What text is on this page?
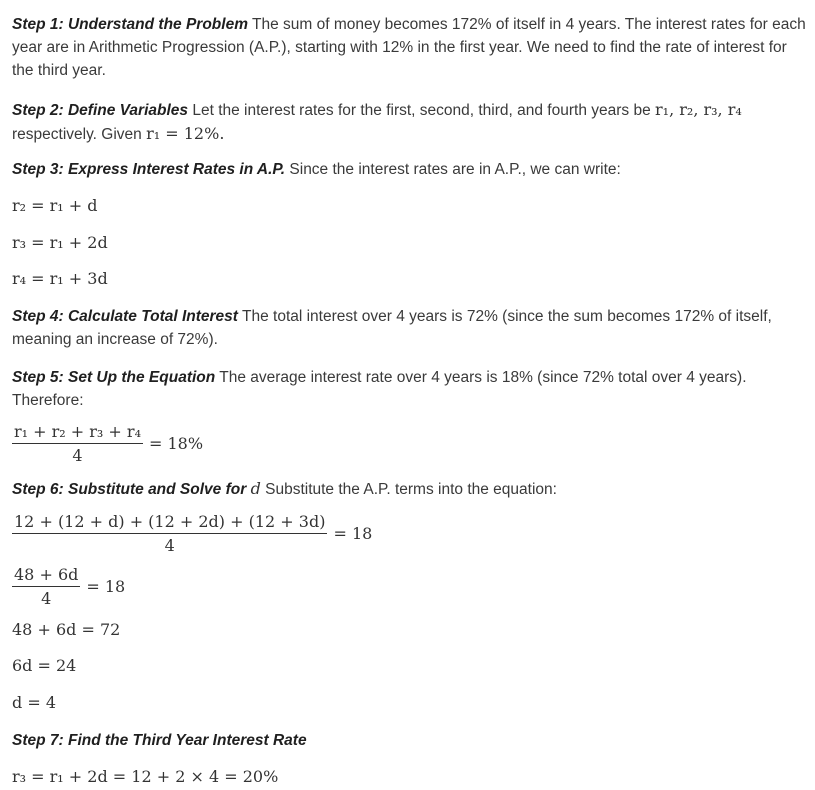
Step 1: Understand the Problem The sum of money becomes 172% of itself in 4 years. The interest rates for each year are in Arithmetic Progression (A.P.), starting with 12% in the first year. We need to find the rate of interest for the third year.

Step 2: Define Variables Let the interest rates for the first, second, third, and fourth years be r₁, r₂, r₃, r₄ respectively. Given r₁ = 12%.

Step 3: Express Interest Rates in A.P. Since the interest rates are in A.P., we can write:

r₂ = r₁ + d
r₃ = r₁ + 2d
r₄ = r₁ + 3d

Step 4: Calculate Total Interest The total interest over 4 years is 72% (since the sum becomes 172% of itself, meaning an increase of 72%).

Step 5: Set Up the Equation The average interest rate over 4 years is 18% (since 72% total over 4 years). Therefore:

$\frac{\text{r₁ + r₂ + r₃ + r₄}}{4} = 18\%$

Step 6: Substitute and Solve for d Substitute the A.P. terms into the equation:

$\frac{12 + (12 + d) + (12 + 2d) + (12 + 3d)}{4} = 18$
$\frac{48 + 6d}{4} = 18$
48 + 6d = 72
6d = 24
d = 4

Step 7: Find the Third Year Interest Rate

r₃ = r₁ + 2d = 12 + 2 × 4 = 20%
